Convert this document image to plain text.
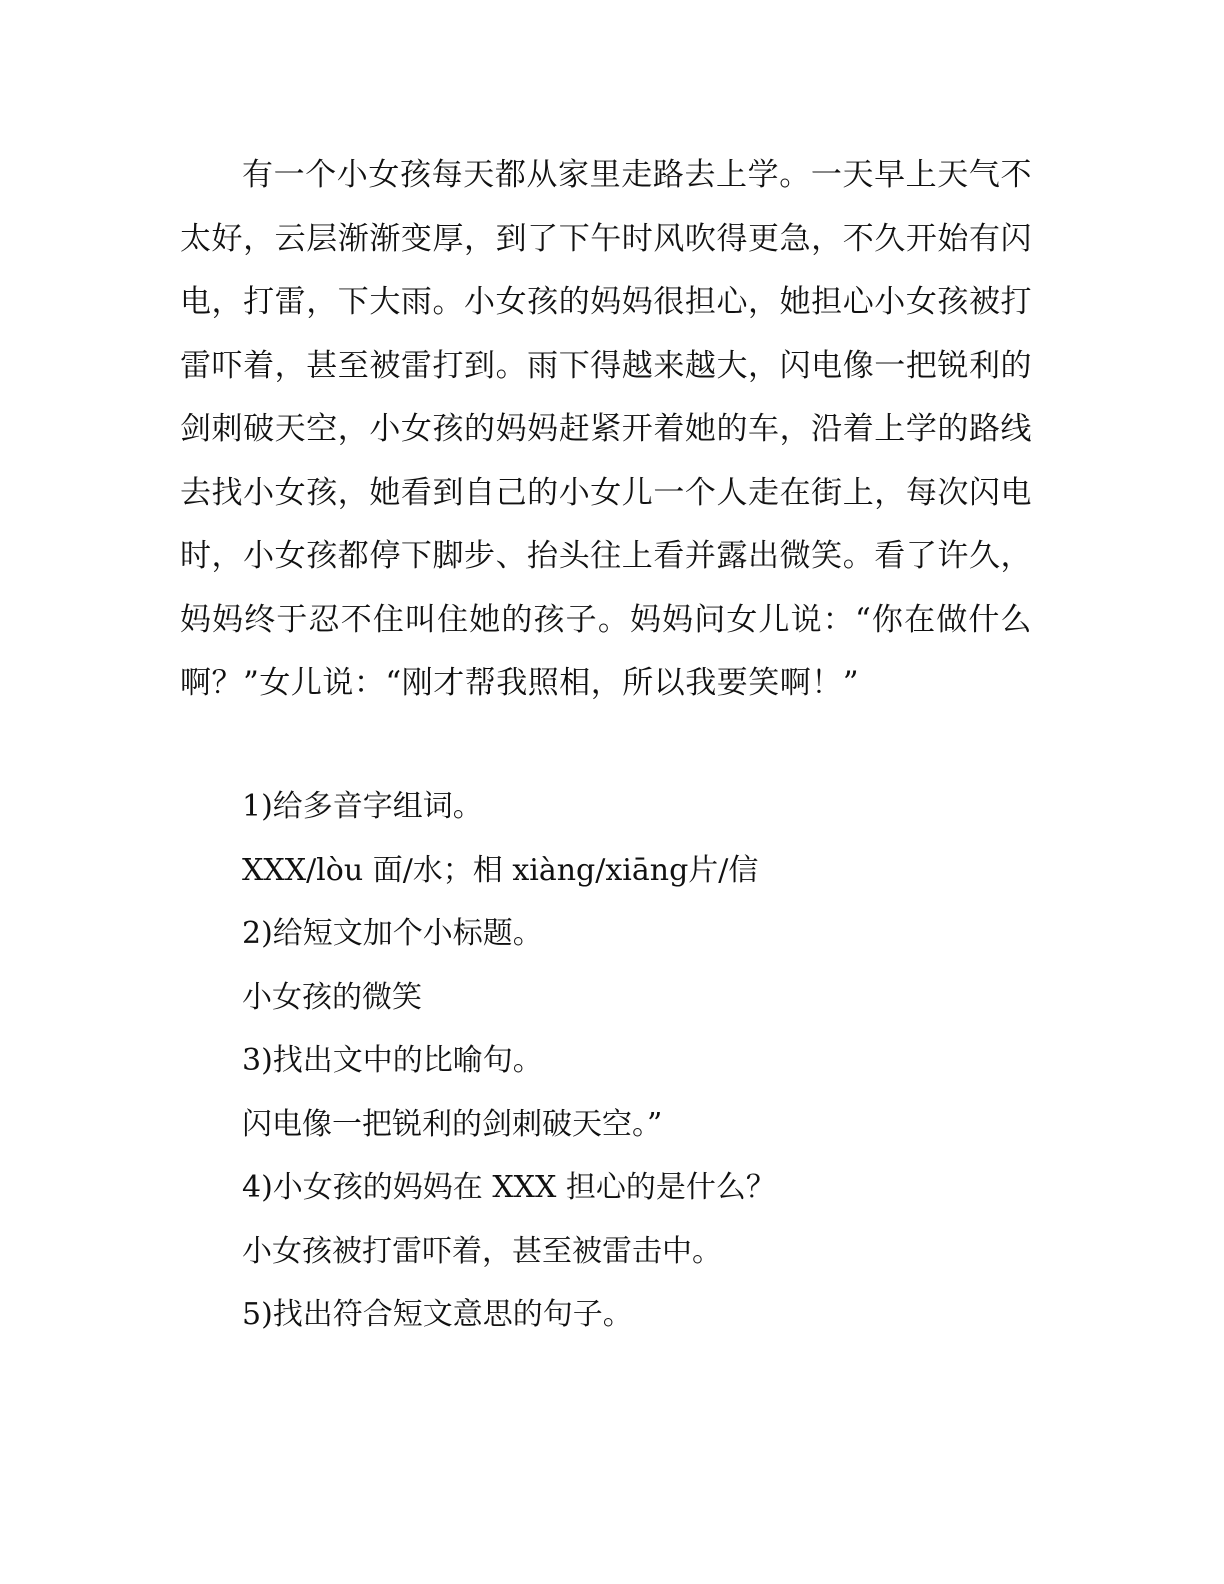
有一个小女孩每天都从家里走路去上学。一天早上天气不太好，云层渐渐变厚，到了下午时风吹得更急，不久开始有闪电，打雷，下大雨。小女孩的妈妈很担心，她担心小女孩被打雷吓着，甚至被雷打到。雨下得越来越大，闪电像一把锐利的剑刺破天空，小女孩的妈妈赶紧开着她的车，沿着上学的路线去找小女孩，她看到自己的小女儿一个人走在街上，每次闪电时，小女孩都停下脚步、抬头往上看并露出微笑。看了许久，妈妈终于忍不住叫住她的孩子。妈妈问女儿说：“你在做什么啊？”女儿说：“刚才帮我照相，所以我要笑啊！”

1)给多音字组词。
XXX/lòu 面/水；相 xiàng/xiāng片/信
2)给短文加个小标题。
小女孩的微笑
3)找出文中的比喻句。
闪电像一把锐利的剑刺破天空。”
4)小女孩的妈妈在 XXX 担心的是什么？
小女孩被打雷吓着，甚至被雷击中。
5)找出符合短文意思的句子。
